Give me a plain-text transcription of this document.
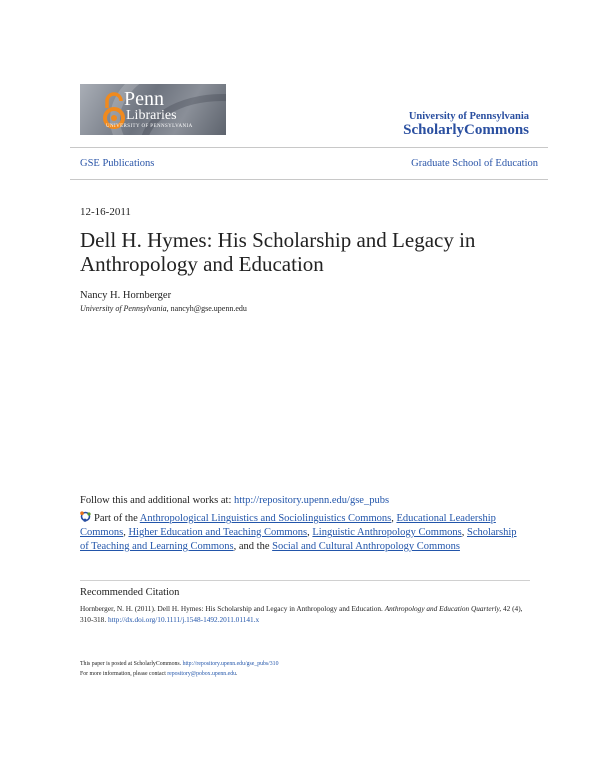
Penn
Libraries
UNIVERSITY OF PENNSYLVANIA
University of Pennsylvania
ScholarlyCommons
GSE Publications	Graduate School of Education
12-16-2011
Dell H. Hymes: His Scholarship and Legacy in
Anthropology and Education
Nancy H. Hornberger
University of Pennsylvania, nancyh@gse.upenn.edu
Follow this and additional works at: http://repository.upenn.edu/gse_pubs
Part of the Anthropological Linguistics and Sociolinguistics Commons, Educational Leadership Commons, Higher Education and Teaching Commons, Linguistic Anthropology Commons, Scholarship of Teaching and Learning Commons, and the Social and Cultural Anthropology Commons
Recommended Citation
Hornberger, N. H. (2011). Dell H. Hymes: His Scholarship and Legacy in Anthropology and Education. Anthropology and Education Quarterly, 42 (4), 310-318. http://dx.doi.org/10.1111/j.1548-1492.2011.01141.x
This paper is posted at ScholarlyCommons. http://repository.upenn.edu/gse_pubs/310
For more information, please contact repository@pobox.upenn.edu.
